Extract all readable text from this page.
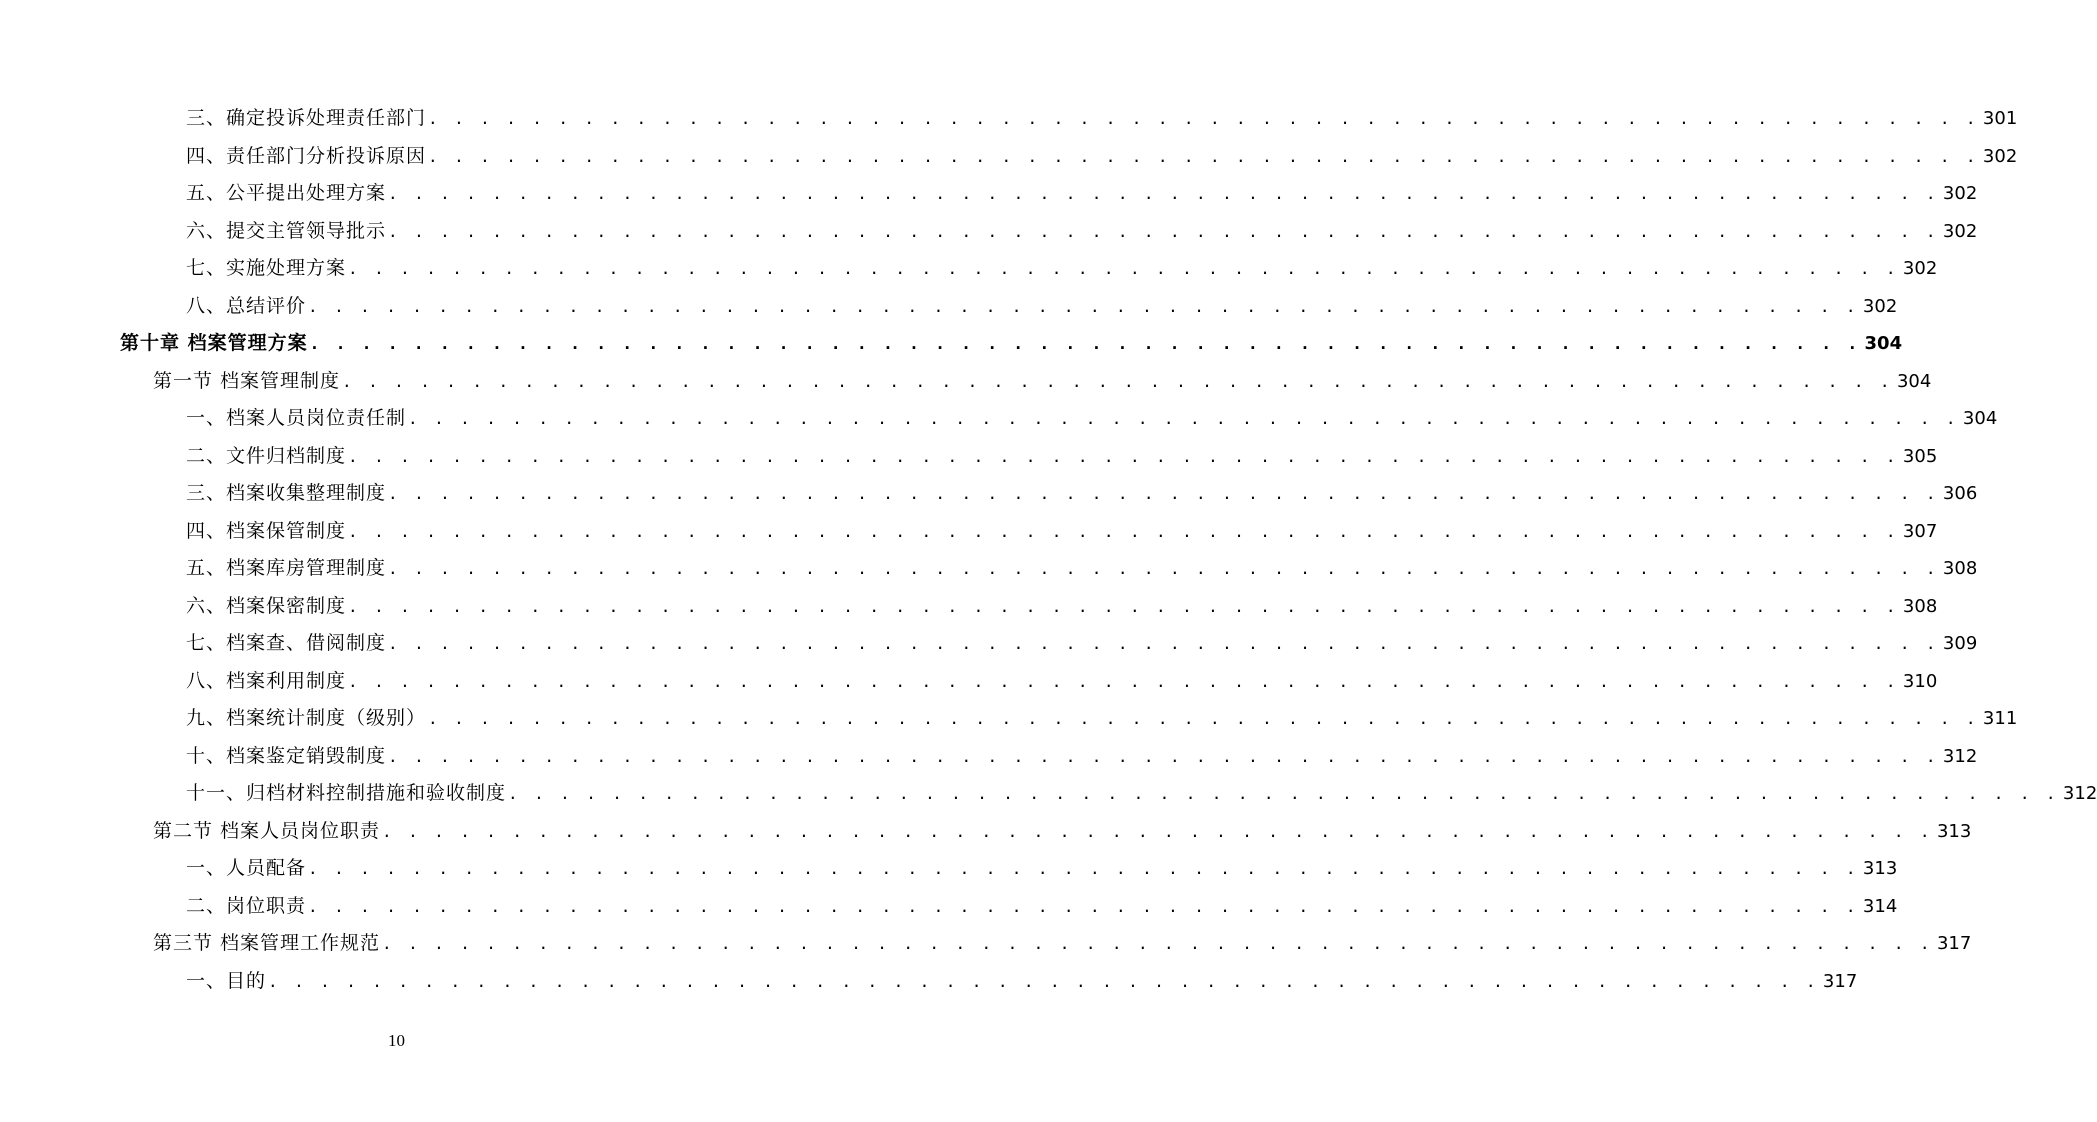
三、确定投诉处理责任部门 . . . . . . . . . . . . . . . . . . . . . . . . . . . . . . . . . . . . . . . . . . . . . . . . . . . . . . . . . . . . 301
四、责任部门分析投诉原因 . . . . . . . . . . . . . . . . . . . . . . . . . . . . . . . . . . . . . . . . . . . . . . . . . . . . . . . . . . . . 302
五、公平提出处理方案 . . . . . . . . . . . . . . . . . . . . . . . . . . . . . . . . . . . . . . . . . . . . . . . . . . . . . . . . . . . . 302
六、提交主管领导批示 . . . . . . . . . . . . . . . . . . . . . . . . . . . . . . . . . . . . . . . . . . . . . . . . . . . . . . . . . . . . 302
七、实施处理方案 . . . . . . . . . . . . . . . . . . . . . . . . . . . . . . . . . . . . . . . . . . . . . . . . . . . . . . . . . . . . 302
八、总结评价 . . . . . . . . . . . . . . . . . . . . . . . . . . . . . . . . . . . . . . . . . . . . . . . . . . . . . . . . . . . . 302
第十章 档案管理方案 . . . . . . . . . . . . . . . . . . . . . . . . . . . . . . . . . . . . . . . . . . . . . . . . . . . . . . . . . . . . 304
第一节 档案管理制度 . . . . . . . . . . . . . . . . . . . . . . . . . . . . . . . . . . . . . . . . . . . . . . . . . . . . . . . . . . . . 304
一、档案人员岗位责任制 . . . . . . . . . . . . . . . . . . . . . . . . . . . . . . . . . . . . . . . . . . . . . . . . . . . . . . . . . . . . 304
二、文件归档制度 . . . . . . . . . . . . . . . . . . . . . . . . . . . . . . . . . . . . . . . . . . . . . . . . . . . . . . . . . . . . 305
三、档案收集整理制度 . . . . . . . . . . . . . . . . . . . . . . . . . . . . . . . . . . . . . . . . . . . . . . . . . . . . . . . . . . . . 306
四、档案保管制度 . . . . . . . . . . . . . . . . . . . . . . . . . . . . . . . . . . . . . . . . . . . . . . . . . . . . . . . . . . . . 307
五、档案库房管理制度 . . . . . . . . . . . . . . . . . . . . . . . . . . . . . . . . . . . . . . . . . . . . . . . . . . . . . . . . . . . . 308
六、档案保密制度 . . . . . . . . . . . . . . . . . . . . . . . . . . . . . . . . . . . . . . . . . . . . . . . . . . . . . . . . . . . . 308
七、档案查、借阅制度 . . . . . . . . . . . . . . . . . . . . . . . . . . . . . . . . . . . . . . . . . . . . . . . . . . . . . . . . . . . . 309
八、档案利用制度 . . . . . . . . . . . . . . . . . . . . . . . . . . . . . . . . . . . . . . . . . . . . . . . . . . . . . . . . . . . . 310
九、档案统计制度（级别） . . . . . . . . . . . . . . . . . . . . . . . . . . . . . . . . . . . . . . . . . . . . . . . . . . . . . . . . . . . . 311
十、档案鉴定销毁制度 . . . . . . . . . . . . . . . . . . . . . . . . . . . . . . . . . . . . . . . . . . . . . . . . . . . . . . . . . . . . 312
十一、归档材料控制措施和验收制度 . . . . . . . . . . . . . . . . . . . . . . . . . . . . . . . . . . . . . . . . . . . . . . . . . . . . . . . . . . . . 312
第二节 档案人员岗位职责 . . . . . . . . . . . . . . . . . . . . . . . . . . . . . . . . . . . . . . . . . . . . . . . . . . . . . . . . . . . . 313
一、人员配备 . . . . . . . . . . . . . . . . . . . . . . . . . . . . . . . . . . . . . . . . . . . . . . . . . . . . . . . . . . . . 313
二、岗位职责 . . . . . . . . . . . . . . . . . . . . . . . . . . . . . . . . . . . . . . . . . . . . . . . . . . . . . . . . . . . . 314
第三节 档案管理工作规范 . . . . . . . . . . . . . . . . . . . . . . . . . . . . . . . . . . . . . . . . . . . . . . . . . . . . . . . . . . . . 317
一、目的 . . . . . . . . . . . . . . . . . . . . . . . . . . . . . . . . . . . . . . . . . . . . . . . . . . . . . . . . . . . . 317
10
